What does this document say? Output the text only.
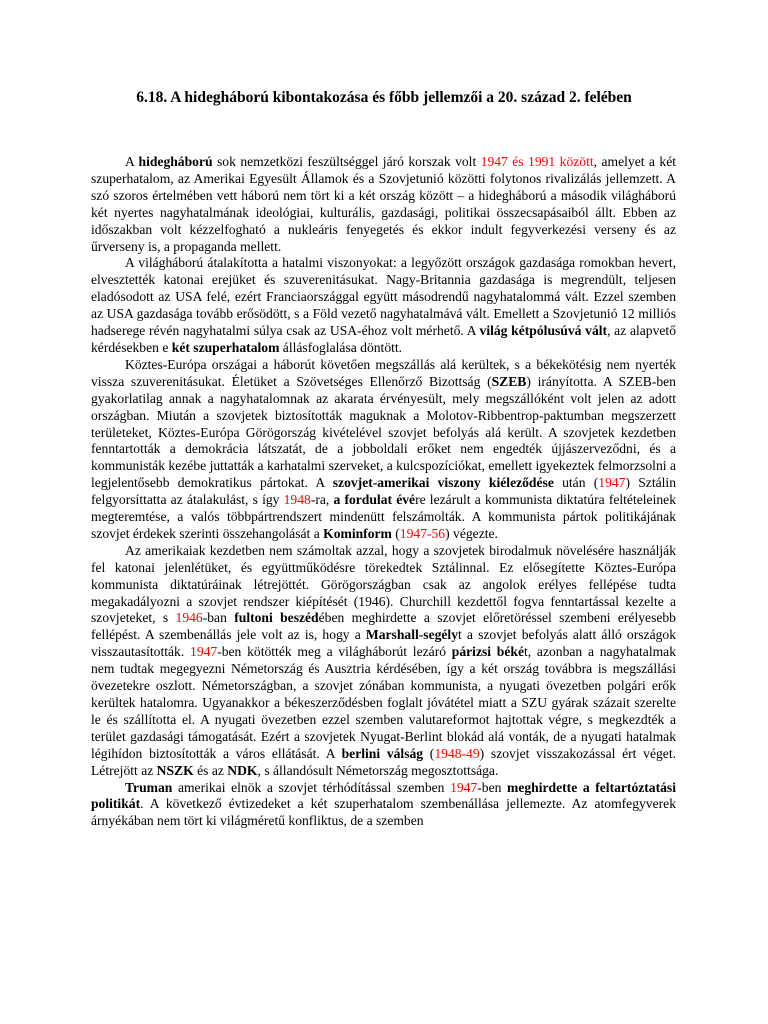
6.18. A hidegháború kibontakozása és főbb jellemzői a 20. század 2. felében

A hidegháború sok nemzetközi feszültséggel járó korszak volt 1947 és 1991 között, amelyet a két szuperhatalom, az Amerikai Egyesült Államok és a Szovjetunió közötti folytonos rivalizálás jellemzett. A szó szoros értelmében vett háború nem tört ki a két ország között – a hidegháború a második világháború két nyertes nagyhatalmának ideológiai, kulturális, gazdasági, politikai összecsapásaiból állt. Ebben az időszakban volt kézzelfogható a nukleáris fenyegetés és ekkor indult fegyverkezési verseny és az űrverseny is, a propaganda mellett.

A világháború átalakította a hatalmi viszonyokat: a legyőzött országok gazdasága romokban hevert, elvesztették katonai erejüket és szuverenitásukat. Nagy-Britannia gazdasága is megrendült, teljesen eladósodott az USA felé, ezért Franciaországgal együtt másodrendű nagyhatalommá vált. Ezzel szemben az USA gazdasága tovább erősödött, s a Föld vezető nagyhatalmává vált. Emellett a Szovjetunió 12 milliós hadserege révén nagyhatalmi súlya csak az USA-éhoz volt mérhető. A világ kétpólusúvá vált, az alapvető kérdésekben e két szuperhatalom állásfoglalása döntött.

Köztes-Európa országai a háborút követően megszállás alá kerültek, s a békekötésig nem nyerték vissza szuverenitásukat. Életüket a Szövetséges Ellenőrző Bizottság (SZEB) irányította. A SZEB-ben gyakorlatilag annak a nagyhatalomnak az akarata érvényesült, mely megszállóként volt jelen az adott országban. Miután a szovjetek biztosították maguknak a Molotov-Ribbentrop-paktumban megszerzett területeket, Köztes-Európa Görögország kivételével szovjet befolyás alá került. A szovjetek kezdetben fenntartották a demokrácia látszatát, de a jobboldali erőket nem engedték újjászerveződni, és a kommunisták kezébe juttatták a karhatalmi szerveket, a kulcspozíciókat, emellett igyekeztek felmorzsolni a legjelentősebb demokratikus pártokat. A szovjet-amerikai viszony kiéleződése után (1947) Sztálin felgyorsíttatta az átalakulást, s így 1948-ra, a fordulat évére lezárult a kommunista diktatúra feltételeinek megteremtése, a valós többpártrendszert mindenütt felszámolták. A kommunista pártok politikájának szovjet érdekek szerinti összehangolását a Kominform (1947-56) végezte.

Az amerikaiak kezdetben nem számoltak azzal, hogy a szovjetek birodalmuk növelésére használják fel katonai jelenlétüket, és együttműködésre törekedtek Sztálinnal. Ez elősegítette Köztes-Európa kommunista diktatúráinak létrejöttét. Görögországban csak az angolok erélyes fellépése tudta megakadályozni a szovjet rendszer kiépítését (1946). Churchill kezdettől fogva fenntartással kezelte a szovjeteket, s 1946-ban fultoni beszédében meghirdette a szovjet előretöréssel szembeni erélyesebb fellépést. A szembenállás jele volt az is, hogy a Marshall-segélyt a szovjet befolyás alatt álló országok visszautasították. 1947-ben kötötték meg a világháborút lezáró párizsi békét, azonban a nagyhatalmak nem tudtak megegyezni Németország és Ausztria kérdésében, így a két ország továbbra is megszállási övezetekre oszlott. Németországban, a szovjet zónában kommunista, a nyugati övezetben polgári erők kerültek hatalomra. Ugyanakkor a békeszerződésben foglalt jóvátétel miatt a SZU gyárak százait szerelte le és szállította el. A nyugati övezetben ezzel szemben valutareformot hajtottak végre, s megkezdték a terület gazdasági támogatását. Ezért a szovjetek Nyugat-Berlint blokád alá vonták, de a nyugati hatalmak légihídon biztosították a város ellátását. A berlini válság (1948-49) szovjet visszakozással ért véget. Létrejött az NSZK és az NDK, s állandósult Németország megosztottsága.

Truman amerikai elnök a szovjet térhódítással szemben 1947-ben meghirdette a feltartóztatási politikát. A következő évtizedeket a két szuperhatalom szembenállása jellemezte. Az atomfegyverek árnyékában nem tört ki világméretű konfliktus, de a szemben
